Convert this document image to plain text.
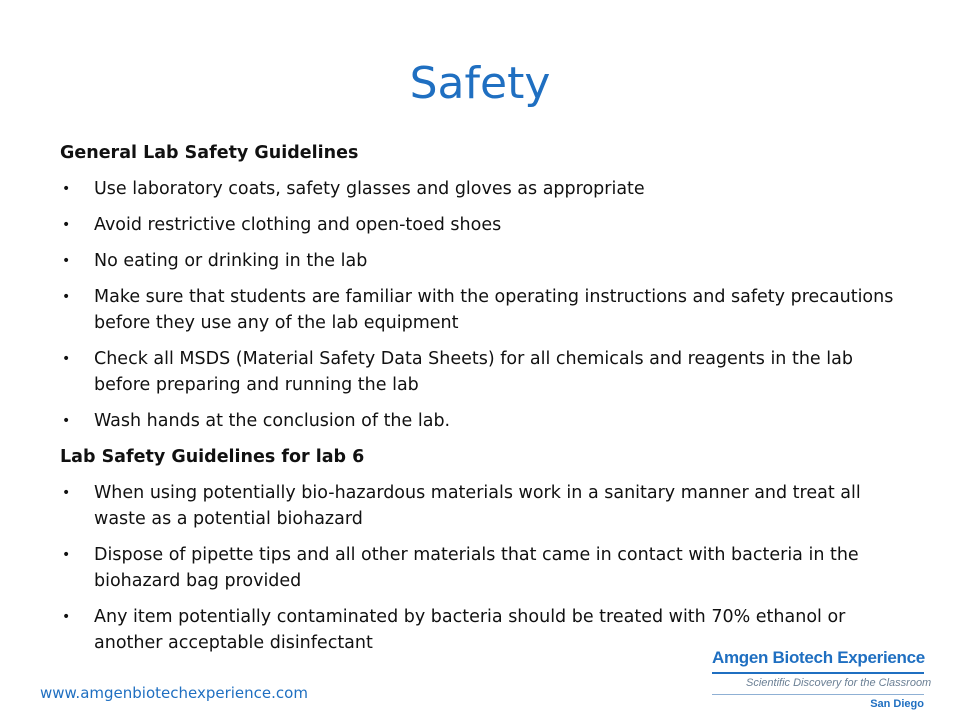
Safety
General Lab Safety Guidelines
• Use laboratory coats, safety glasses and gloves as appropriate
• Avoid restrictive clothing and open-toed shoes
• No eating or drinking in the lab
• Make sure that students are familiar with the operating instructions and safety precautions before they use any of the lab equipment
• Check all MSDS (Material Safety Data Sheets) for all chemicals and reagents in the lab before preparing and running the lab
• Wash hands at the conclusion of the lab.
Lab Safety Guidelines for lab 6
• When using potentially bio-hazardous materials work in a sanitary manner and treat all waste as a potential biohazard
• Dispose of pipette tips and all other materials that came in contact with bacteria in the biohazard bag provided
• Any item potentially contaminated by bacteria should be treated with 70% ethanol or another acceptable disinfectant
www.amgenbiotechexperience.com
Amgen Biotech Experience
Scientific Discovery for the Classroom
San Diego
